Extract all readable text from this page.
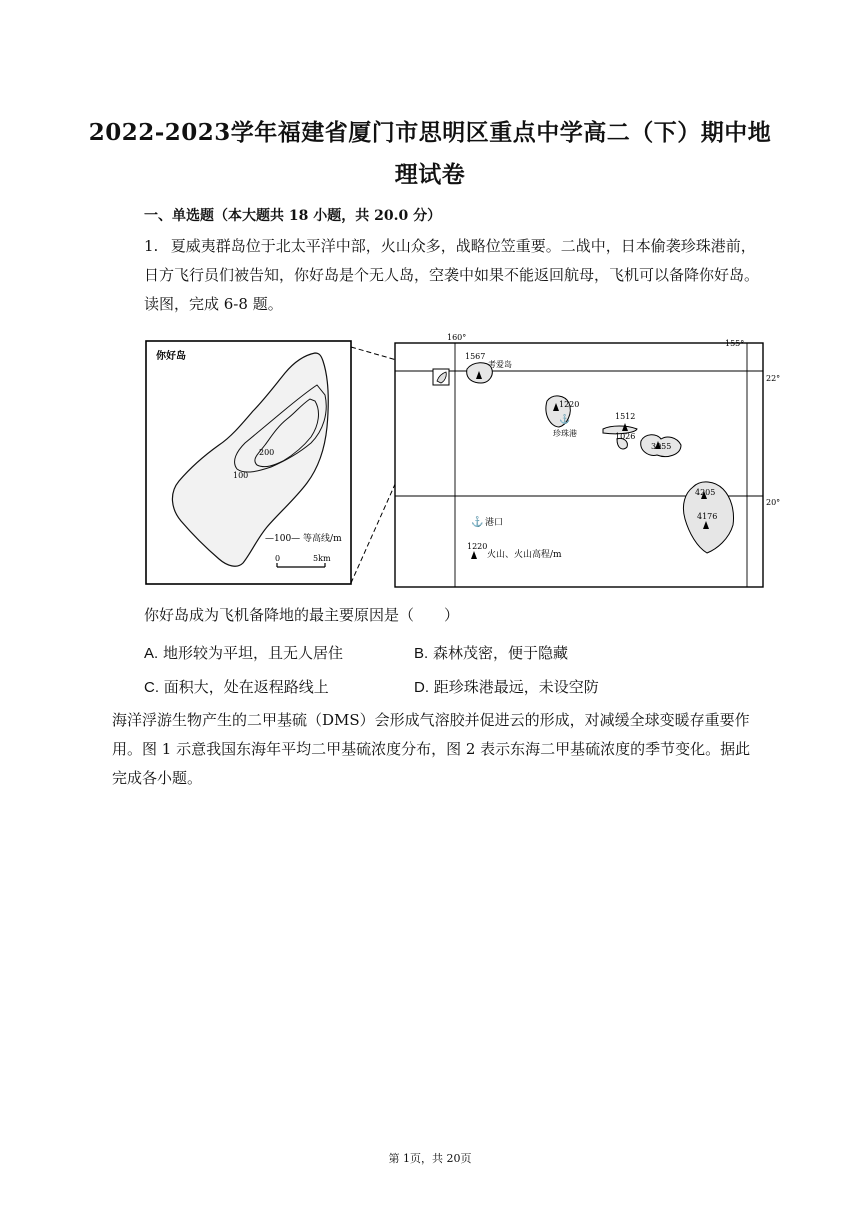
2022-2023学年福建省厦门市思明区重点中学高二（下）期中地
理试卷
一、单选题（本大题共 18 小题，共 20.0 分）
1. 夏威夷群岛位于北太平洋中部，火山众多，战略位笠重要。二战中，日本偷袭珍珠港前，日方飞行员们被告知，你好岛是个无人岛，空袭中如果不能返回航母，飞机可以备降你好岛。读图，完成 6-8 题。
你好岛
200
100
—100— 等高线/m
0	5km
160°
155°
22°
20°
1567
考爱岛
1220
⚓
珍珠港
1512
1026
3055
4205
4176
⚓ 港口
1220
火山、火山高程/m
你好岛成为飞机备降地的最主要原因是（　　）
A. 地形较为平坦，且无人居住	B. 森林茂密，便于隐藏
C. 面积大，处在返程路线上	D. 距珍珠港最远，未设空防
海洋浮游生物产生的二甲基硫（DMS）会形成气溶胶并促进云的形成，对减缓全球变暖存重要作用。图 1 示意我国东海年平均二甲基硫浓度分布，图 2 表示东海二甲基硫浓度的季节变化。据此完成各小题。
第 1页，共 20页
